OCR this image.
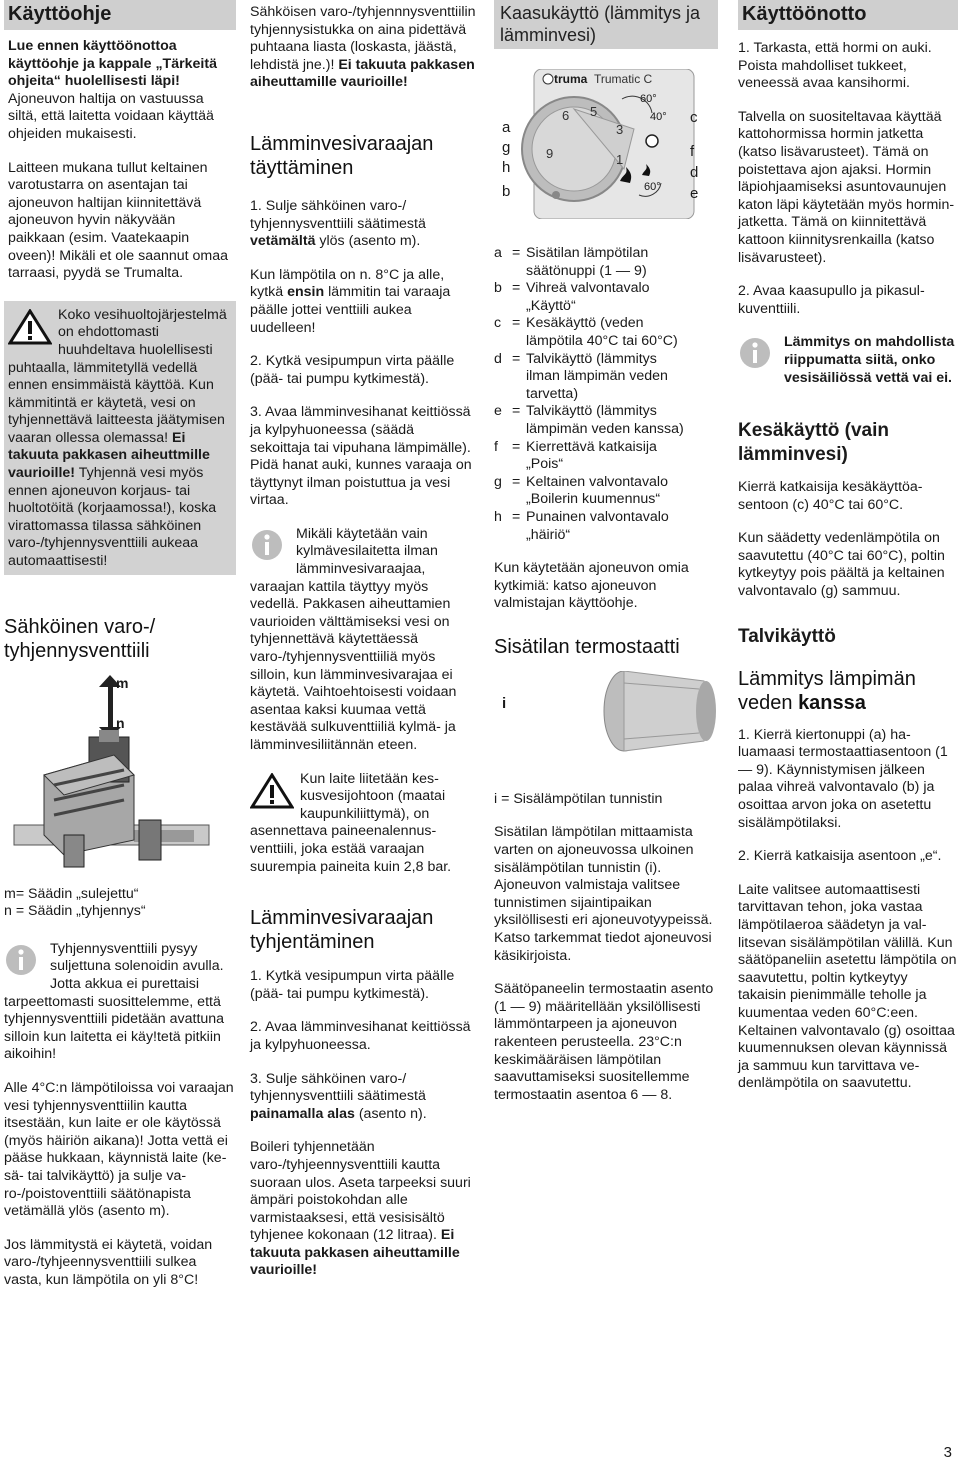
Käyttöohje

Lue ennen käyttöönottoa käyttöohje ja kappale „Tärkeitä ohjeita“ huolellisesti läpi! Ajoneuvon haltija on vastuussa siltä, että laitetta voidaan käyttää ohjeiden mukaisesti.

Laitteen mukana tullut keltainen varotustarra on asentajan tai ajoneuvon haltijan kiinnitettävä ajoneuvon hyvin näkyvään paikkaan (esim. Vaatekaapin oveen)! Mikäli et ole saannut omaa tarraasi, pyydä se Trumalta.

Koko vesihuoltojärjestelmä on ehdottomasti huuhdeltava huolellisesti puhtaalla, lämmitetyllä vedellä ennen ensimmäistä käyttöä. Kun kämmitintä er käytetä, vesi on tyhjennettävä laitteesta jäätymisen vaaran ollessa olemassa! Ei takuuta pakkasen aiheuttmille vaurioille! Tyhjennä vesi myös ennen ajoneuvon korjaus- tai huoltotöitä (korjaamossa!), koska virattomassa tilassa sähköinen varo-/tyhjennysventtiili aukeaa automaattisesti!
Sähköinen varo-/ tyhjennysventtiili
m
n
m= Säädin „sulejettu“
n = Säädin „tyhjennys“

Tyhjennysventtiili pysyy suljettuna solenoidin avulla. Jotta akkua ei purettaisi tarpeettomasti suosittelemme, että tyhjennysventtiili pidetään avattuna silloin kun laitetta ei käy!tetä pitkiin aikoihin!

Alle 4°C:n lämpötiloissa voi varaajan vesi tyhjennysventtiilin kautta itsestään, kun laite er ole käytössä (myös häiriön aikana)! Jotta vettä ei pääse hukkaan, käynnistä laite (kesä- tai talvikäyttö) ja sulje varo-/poistoventtiili säätönapista vetämällä ylös (asento m).

Jos lämmitystä ei käytetä, voidan varo-/tyhjeennysventtiili sulkea vasta, kun lämpötila on yli 8°C!

Sähköisen varo-/tyhjennnysventtiilin tyhjennysistukka on aina pidettävä puhtaana liasta (loskasta, jäästä, lehdistä jne.)! Ei takuuta pakkasen aiheuttamille vaurioille!

Lämminvesivaraajan täyttäminen

1. Sulje sähköinen varo-/ tyhjennysventtiili säätimestä vetämältä ylös (asento m).

Kun lämpötila on n. 8°C ja alle, kytkä ensin lämmitin tai varaaja päälle jottei venttiili aukea uudelleen!

2. Kytkä vesipumpun virta päälle (pää- tai pumpu kytkimestä).

3. Avaa lämminvesihanat keittiössä ja kylpyhuoneessa (säädä sekoittaja tai vipuhana lämpimälle). Pidä hanat auki, kunnes varaaja on täyttynyt ilman poistuttua ja vesi virtaa.

Mikäli käytetään vain kylmävesilaitetta ilman lämminvesivaraajaa, varaajan kattila täyttyy myös vedellä. Pakkasen aiheuttamien vaurioiden välttämiseksi vesi on tyhjennettävä käytettäessä varo-/tyhjennysventtiiliä myös silloin, kun lämminvesivarajaa ei käytetä. Vaihtoehtoisesti voidaan asentaa kaksi kuumaa vettä kestävää sulkuventtiiliä kylmä- ja lämminvesiliitännän eteen.

Kun laite liitetään keskusvesijohtoon (maatai kaupunkiliittymä), on asennettava paineenalennusventtiili, joka estää varaajan suurempia paineita kuin 2,8 bar.

Lämminvesivaraajan tyhjentäminen

1. Kytkä vesipumpun virta päälle (pää- tai pumpu kytkimestä).

2. Avaa lämminvesihanat keittiössä ja kylpyhuoneessa.

3. Sulje sähköinen varo-/ tyhjennysventtiili säätimestä painamalla alas (asento n).

Boileri tyhjennetään varo-/tyhjeennysventtiili kautta suoraan ulos. Aseta tarpeeksi suuri ämpäri poistokohdan alle varmistaaksesi, että vesisisältö tyhjenee kokonaan (12 litraa). Ei takuuta pakkasen aiheuttamille vaurioille!

Kaasukäyttö (lämmitys ja lämminvesi)
truma Trumatic C
60°
40°
60°
1
3
5
6
9
a
g
h
b
c
f
d
e
a = Sisätilan lämpötilan
säätönuppi (1 — 9)
b = Vihreä valvontavalo
„Käyttö“
c = Kesäkäyttö (veden
lämpötila 40°C tai 60°C)
d = Talvikäyttö (lämmitys
ilman lämpimän veden
tarvetta)
e = Talvikäyttö (lämmitys
lämpimän veden kanssa)
f = Kierrettävä katkaisija
„Pois“
g = Keltainen valvontavalo
„Boilerin kuumennus“
h = Punainen valvontavalo
„häiriö“

Kun käytetään ajoneuvon omia kytkimiä: katso ajoneuvon valmistajan käyttöohje.

Sisätilan termostaatti
i

i = Sisälämpötilan tunnistin

Sisätilan lämpötilan mittaamista varten on ajoneuvossa ulkoinen sisälämpötilan tunnistin (i). Ajoneuvon valmistaja valitsee tunnistimen sijaintipaikan yksilöllisesti eri ajoneuvotyypeissä. Katso tarkemmat tiedot ajoneuvosi käsikirjoista.

Säätöpaneelin termostaatin asento (1 — 9) määritellään yksilöllisesti lämmöntarpeen ja ajoneuvon rakenteen perusteella. 23°C:n keskimääräisen lämpötilan saavuttamiseksi suositellemme termostaatin asentoa 6 — 8.

Käyttöönotto

1. Tarkasta, että hormi on auki. Poista mahdolliset tukkeet, veneessä avaa kansihormi.

Talvella on suositeltavaa käyttää kattohormissa hormin jatketta (katso lisävarusteet). Tämä on poistettava ajon ajaksi. Hormin läpiohjaamiseksi asuntovaunujen katon läpi käytetään myös horminjatketta. Tämä on kiinnitettävä kattoon kiinnitysrenkailla (katso lisävarusteet).

2. Avaa kaasupullo ja pikasulkuventtiili.

Lämmitys on mahdollista riippumatta siitä, onko vesisäiliössä vettä vai ei.

Kesäkäyttö (vain lämminvesi)

Kierrä katkaisija kesäkäyttöasentoon (c) 40°C tai 60°C.

Kun säädetty vedenlämpötila on saavutettu (40°C tai 60°C), poltin kytkeytyy pois päältä ja keltainen valvontavalo (g) sammuu.

Talvikäyttö
Lämmitys lämpimän veden kanssa

1. Kierrä kiertonuppi (a) haluamaasi termostaattiasentoon (1 — 9). Käynnistymisen jälkeen palaa vihreä valvontavalo (b) ja osoittaa arvon joka on asetettu sisälämpötilaksi.

2. Kierrä katkaisija asentoon „e“.

Laite valitsee automaattisesti tarvittavan tehon, joka vastaa lämpötilaeroa säädetyn ja vallitsevan sisälämpötilan välillä. Kun säätöpaneliin asetettu lämpötila on saavutettu, poltin kytkeytyy takaisin pienimmälle teholle ja kuumentaa veden 60°C:een. Keltainen valvontavalo (g) osoittaa kuumennuksen olevan käynnissä ja sammuu kun tarvittava vedenlämpötila on saavutettu.

3
